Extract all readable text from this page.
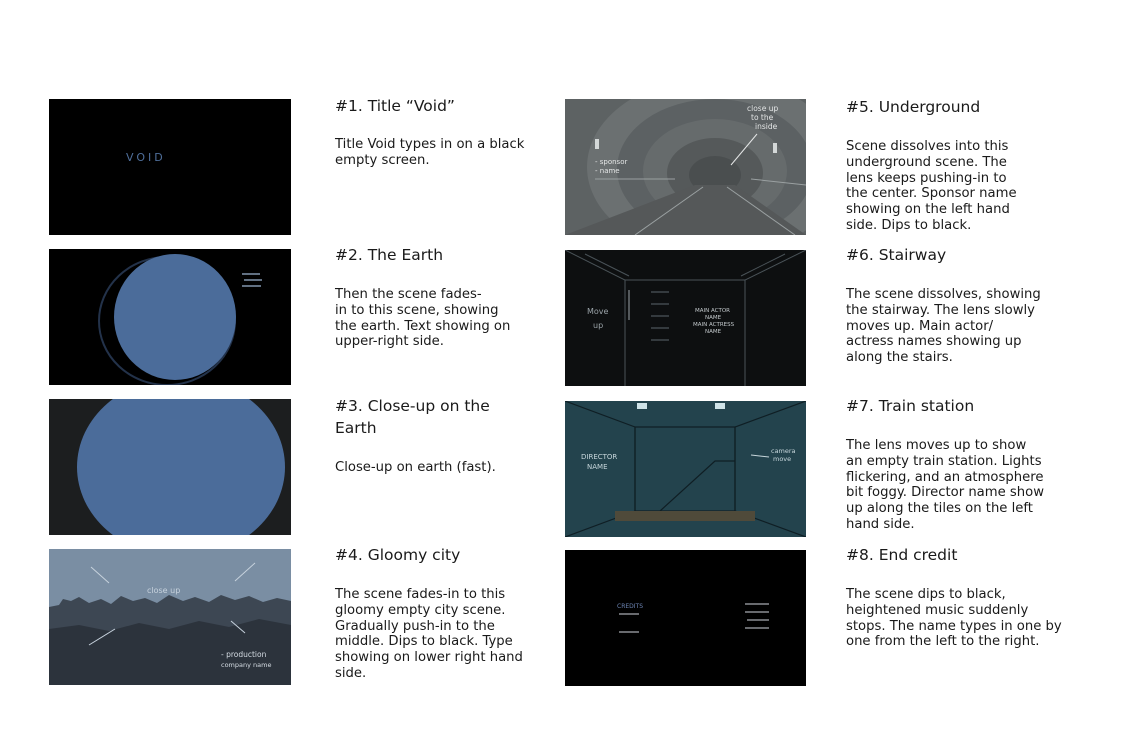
VOID
#1. Title “Void”

Title Void types in on a black
empty screen.

#2. The Earth

Then the scene fades-
in to this scene, showing
the earth. Text showing on
upper-right side.

#3. Close-up on the
Earth

Close-up on earth (fast).

close up
- production
company name
#4. Gloomy city

The scene fades-in to this
gloomy empty city scene.
Gradually push-in to the
middle. Dips to black. Type
showing on lower right hand
side.

close up
to the
inside
- sponsor
- name
#5. Underground

Scene dissolves into this
underground scene. The
lens keeps pushing-in to
the center. Sponsor name
showing on the left hand
side. Dips to black.

Move
up
MAIN ACTOR
NAME
MAIN ACTRESS
NAME
#6. Stairway

The scene dissolves, showing
the stairway. The lens slowly
moves up. Main actor/
actress names showing up
along the stairs.

DIRECTOR
NAME
camera
move
#7. Train station

The lens moves up to show
an empty train station. Lights
flickering, and an atmosphere
bit foggy. Director name show
up along the tiles on the left
hand side.

CREDITS
#8. End credit

The scene dips to black,
heightened music suddenly
stops. The name types in one by
one from the left to the right.
